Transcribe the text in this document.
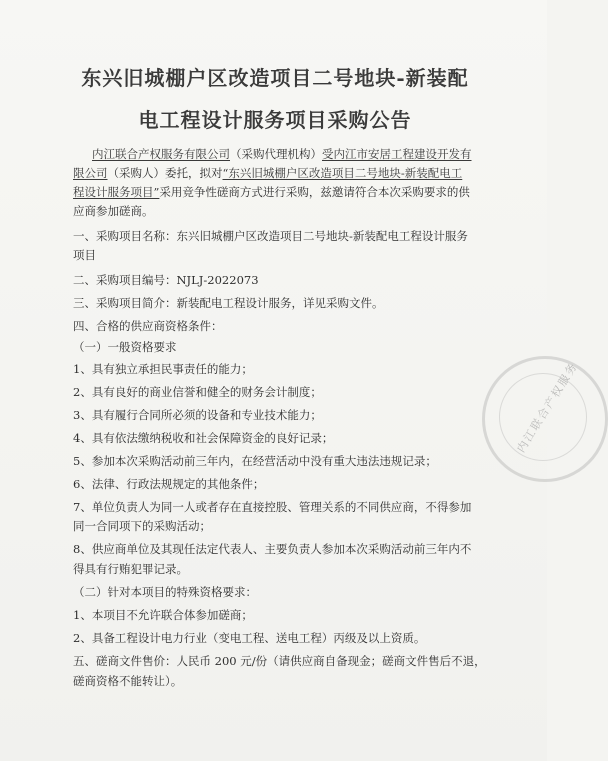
东兴旧城棚户区改造项目二号地块-新装配
电工程设计服务项目采购公告
内江联合产权服务有限公司（采购代理机构）受内江市安居工程建设开发有
限公司（采购人）委托，拟对“东兴旧城棚户区改造项目二号地块-新装配电工
程设计服务项目”采用竞争性磋商方式进行采购，兹邀请符合本次采购要求的供
应商参加磋商。
一、采购项目名称：东兴旧城棚户区改造项目二号地块-新装配电工程设计服务
项目
二、采购项目编号：NJLJ-2022073
三、采购项目简介：新装配电工程设计服务，详见采购文件。
四、合格的供应商资格条件：
（一）一般资格要求
1、具有独立承担民事责任的能力；
2、具有良好的商业信誉和健全的财务会计制度；
3、具有履行合同所必须的设备和专业技术能力；
4、具有依法缴纳税收和社会保障资金的良好记录；
5、参加本次采购活动前三年内，在经营活动中没有重大违法违规记录；
6、法律、行政法规规定的其他条件；
7、单位负责人为同一人或者存在直接控股、管理关系的不同供应商，不得参加
同一合同项下的采购活动；
8、供应商单位及其现任法定代表人、主要负责人参加本次采购活动前三年内不
得具有行贿犯罪记录。
（二）针对本项目的特殊资格要求：
1、本项目不允许联合体参加磋商；
2、具备工程设计电力行业（变电工程、送电工程）丙级及以上资质。
五、磋商文件售价：人民币 200 元/份（请供应商自备现金；磋商文件售后不退，
磋商资格不能转让）。
内江联合产权服务
